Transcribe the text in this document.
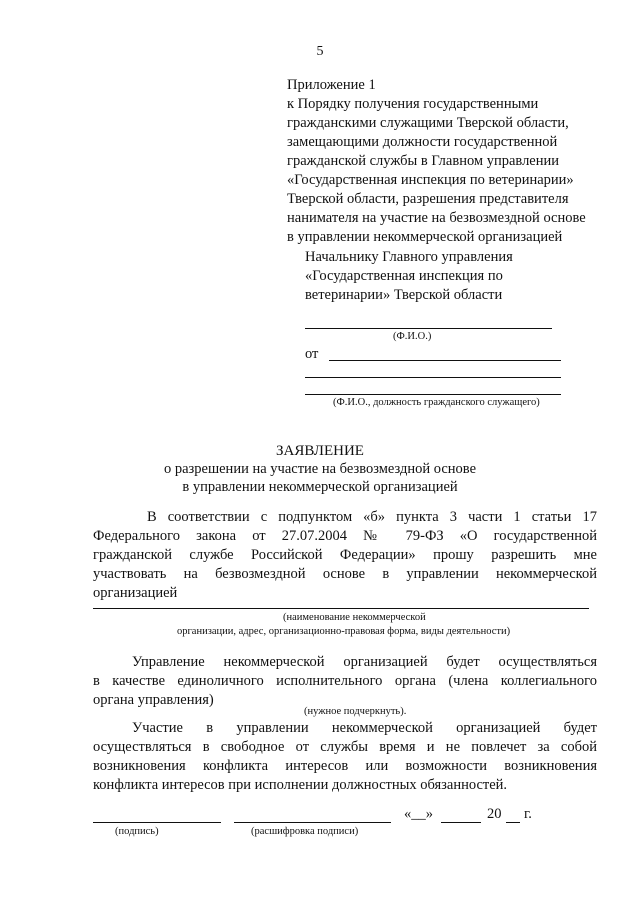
5
Приложение 1
к Порядку получения государственными
гражданскими служащими Тверской области,
замещающими должности государственной
гражданской службы в Главном управлении
«Государственная инспекция по ветеринарии»
Тверской области, разрешения представителя
нанимателя на участие на безвозмездной основе
в управлении некоммерческой организацией
Начальнику Главного управления
«Государственная инспекция по
ветеринарии» Тверской области
(Ф.И.О.)
от
(Ф.И.О., должность гражданского служащего)
ЗАЯВЛЕНИЕ
о разрешении на участие на безвозмездной основе
в управлении некоммерческой организацией
В соответствии с подпунктом «б» пункта 3 части 1 статьи 17
Федерального закона от 27.07.2004 № 79-ФЗ «О государственной
гражданской службе Российской Федерации» прошу разрешить мне
участвовать на безвозмездной основе в управлении некоммерческой
организацией
(наименование некоммерческой
организации, адрес, организационно-правовая форма, виды деятельности)
Управление некоммерческой организацией будет осуществляться
в качестве единоличного исполнительного органа (члена коллегиального
органа управления)
(нужное подчеркнуть).
Участие в управлении некоммерческой организацией будет
осуществляться в свободное от службы время и не повлечет за собой
возникновения конфликта интересов или возможности возникновения
конфликта интересов при исполнении должностных обязанностей.
«__»	20 г.
(подпись)	(расшифровка подписи)
